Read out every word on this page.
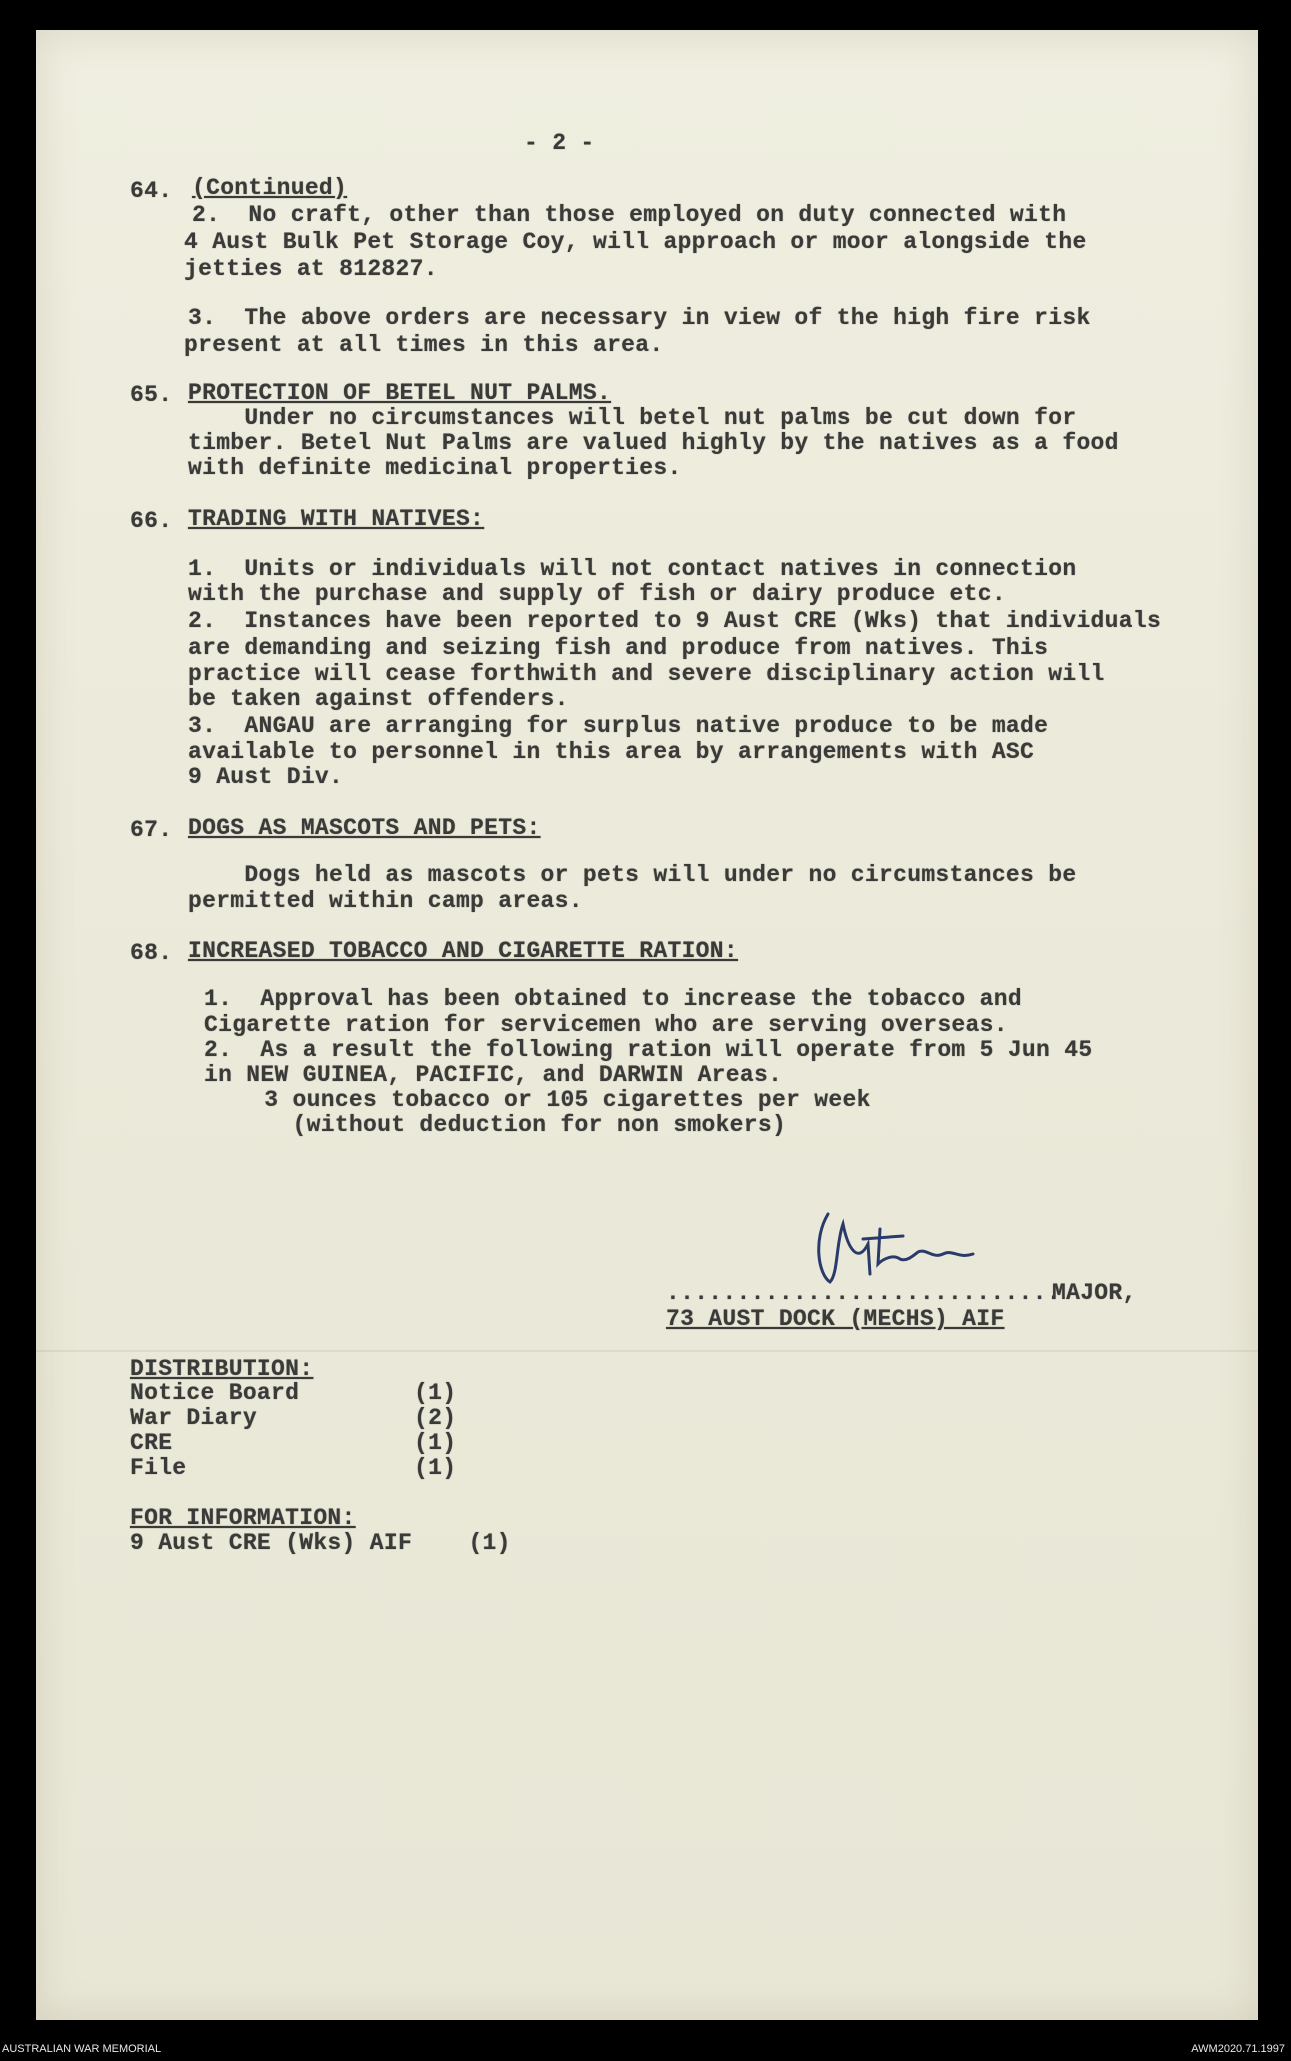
- 2 -
64. (Continued)
2.  No craft, other than those employed on duty connected with
4 Aust Bulk Pet Storage Coy, will approach or moor alongside the
jetties at 812827.
3.  The above orders are necessary in view of the high fire risk
present at all times in this area.
65. PROTECTION OF BETEL NUT PALMS.
Under no circumstances will betel nut palms be cut down for
timber. Betel Nut Palms are valued highly by the natives as a food
with definite medicinal properties.
66. TRADING WITH NATIVES:
1.  Units or individuals will not contact natives in connection
with the purchase and supply of fish or dairy produce etc.
2.  Instances have been reported to 9 Aust CRE (Wks) that individuals
are demanding and seizing fish and produce from natives. This
practice will cease forthwith and severe disciplinary action will
be taken against offenders.
3.  ANGAU are arranging for surplus native produce to be made
available to personnel in this area by arrangements with ASC
9 Aust Div.
67. DOGS AS MASCOTS AND PETS:
Dogs held as mascots or pets will under no circumstances be
permitted within camp areas.
68. INCREASED TOBACCO AND CIGARETTE RATION:
1.  Approval has been obtained to increase the tobacco and
Cigarette ration for servicemen who are serving overseas.
2.  As a result the following ration will operate from 5 Jun 45
in NEW GUINEA, PACIFIC, and DARWIN Areas.
3 ounces tobacco or 105 cigarettes per week
(without deduction for non smokers)
............................
MAJOR,
73 AUST DOCK (MECHS) AIF
DISTRIBUTION:
Notice Board	(1)
War Diary	(2)
CRE	(1)
File	(1)
FOR INFORMATION:
9 Aust CRE (Wks) AIF    (1)
AUSTRALIAN WAR MEMORIAL	AWM2020.71.1997
